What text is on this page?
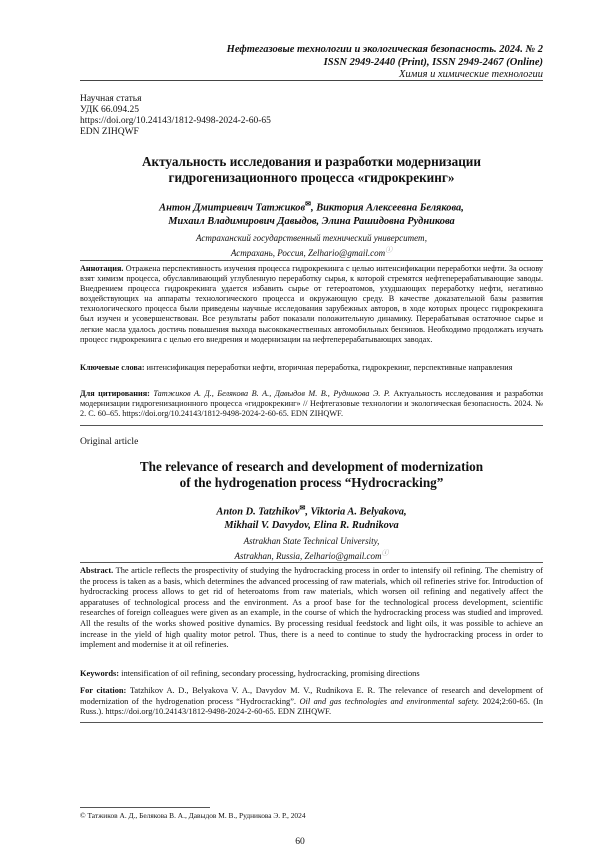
Нефтегазовые технологии и экологическая безопасность. 2024. № 2
ISSN 2949-2440 (Print), ISSN 2949-2467 (Online)
Химия и химические технологии
Научная статья
УДК 66.094.25
https://doi.org/10.24143/1812-9498-2024-2-60-65
EDN ZIHQWF
Актуальность исследования и разработки модернизации
гидрогенизационного процесса «гидрокрекинг»
Антон Дмитриевич Татжиков✉, Виктория Алексеевна Белякова,
Михаил Владимирович Давыдов, Элина Рашидовна Рудникова
Астраханский государственный технический университет,
Астрахань, Россия, Zelhario@gmail.comⓘ
Аннотация. Отражена перспективность изучения процесса гидрокрекинга с целью интенсификации переработки нефти. За основу взят химизм процесса, обуславливающий углубленную переработку сырья, к которой стремятся нефтеперерабатывающие заводы. Внедрением процесса гидрокрекинга удается избавить сырье от гетероатомов, ухудшающих переработку нефти, негативно воздействующих на аппараты технологического процесса и окружающую среду. В качестве доказательной базы развития технологического процесса были приведены научные исследования зарубежных авторов, в ходе которых процесс гидрокрекинга был изучен и усовершенствован. Все результаты работ показали положительную динамику. Перерабатывая остаточное сырье и легкие масла удалось достичь повышения выхода высококачественных автомобильных бензинов. Необходимо продолжать изучать процесс гидрокрекинга с целью его внедрения и модернизации на нефтеперерабатывающих заводах.
Ключевые слова: интенсификация переработки нефти, вторичная переработка, гидрокрекинг, перспективные направления
Для цитирования: Татжиков А. Д., Белякова В. А., Давыдов М. В., Рудникова Э. Р. Актуальность исследования и разработки модернизации гидрогенизационного процесса «гидрокрекинг» // Нефтегазовые технологии и экологическая безопасность. 2024. № 2. С. 60–65. https://doi.org/10.24143/1812-9498-2024-2-60-65. EDN ZIHQWF.
Original article
The relevance of research and development of modernization
of the hydrogenation process “Hydrocracking”
Anton D. Tatzhikov✉, Viktoria A. Belyakova,
Mikhail V. Davydov, Elina R. Rudnikova
Astrakhan State Technical University,
Astrakhan, Russia, Zelhario@gmail.comⓘ
Abstract. The article reflects the prospectivity of studying the hydrocracking process in order to intensify oil refining. The chemistry of the process is taken as a basis, which determines the advanced processing of raw materials, which oil refineries strive for. Introduction of hydrocracking process allows to get rid of heteroatoms from raw materials, which worsen oil refining and negatively affect the apparatuses of technological process and the environment. As a proof base for the technological process development, scientific researches of foreign colleagues were given as an example, in the course of which the hydrocracking process was studied and improved. All the results of the works showed positive dynamics. By processing residual feedstock and light oils, it was possible to achieve an increase in the yield of high quality motor petrol. Thus, there is a need to continue to study the hydrocracking process in order to implement and modernise it at oil refineries.
Keywords: intensification of oil refining, secondary processing, hydrocracking, promising directions
For citation: Tatzhikov A. D., Belyakova V. A., Davydov M. V., Rudnikova E. R. The relevance of research and development of modernization of the hydrogenation process “Hydrocracking”. Oil and gas technologies and environmental safety. 2024;2:60-65. (In Russ.). https://doi.org/10.24143/1812-9498-2024-2-60-65. EDN ZIHQWF.
© Татжиков А. Д., Белякова В. А., Давыдов М. В., Рудникова Э. Р., 2024
60
